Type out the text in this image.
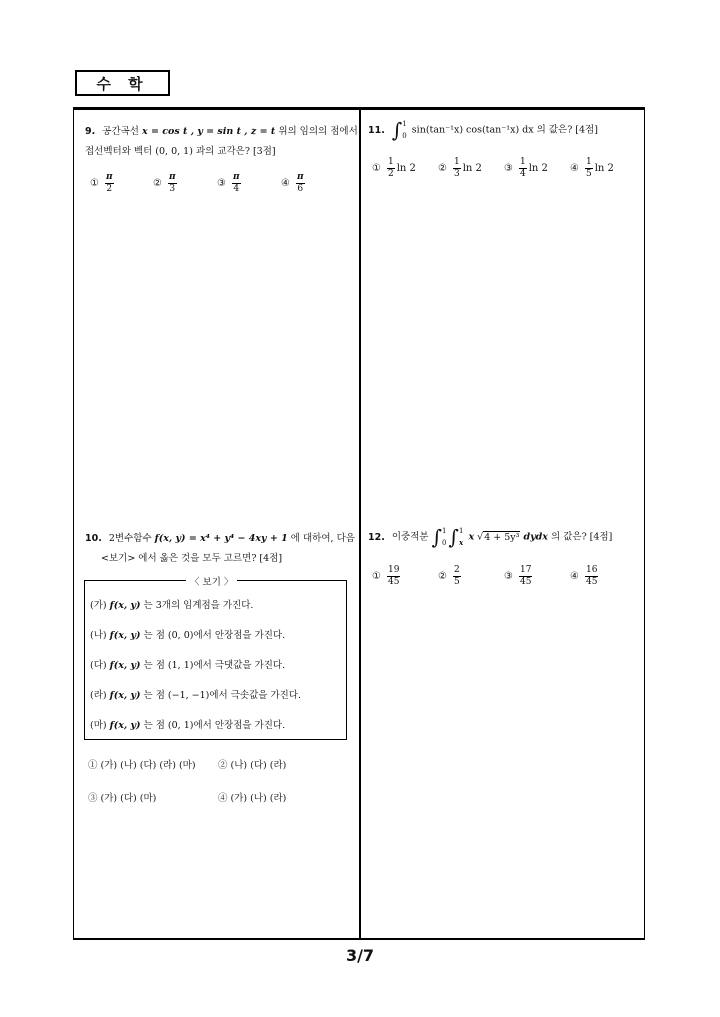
수 학
9. 공간곡선 x = cos t , y = sin t , z = t 위의 임의의 점에서
접선벡터와 벡터 (0, 0, 1) 과의 교각은? [3점]
① $\frac{\pi}{2}$	② $\frac{\pi}{3}$	③ $\frac{\pi}{4}$	④ $\frac{\pi}{6}$
11. ∫ 1
0
sin(tan⁻¹x) cos(tan⁻¹x) dx 의 값은? [4점]
① $\frac{1}{2}$ ln 2 ② $\frac{1}{3}$ ln 2 ③ $\frac{1}{4}$ ln 2 ④ $\frac{1}{5}$ ln 2
10. 2변수함수 f(x, y) = x⁴ + y⁴ − 4xy + 1 에 대하여, 다음
<보기> 에서 옳은 것을 모두 고르면? [4점]
〈 보기 〉
(가) f(x, y) 는 3개의 임계점을 가진다.
(나) f(x, y) 는 점 (0, 0)에서 안장점을 가진다.
(다) f(x, y) 는 점 (1, 1)에서 극댓값을 가진다.
(라) f(x, y) 는 점 (−1, −1)에서 극솟값을 가진다.
(마) f(x, y) 는 점 (0, 1)에서 안장점을 가진다.
① (가) (나) (다) (라) (마) ② (나) (다) (라)
③ (가) (다) (마)	④ (가) (나) (라)
12. 이중적분 ∫ 1
0 ∫ 1
x x √4 + 5y³ dydx 의 값은? [4점]
① $\frac{19}{45}$	② $\frac{2}{5}$	③ $\frac{17}{45}$	④ $\frac{16}{45}$
3/7
